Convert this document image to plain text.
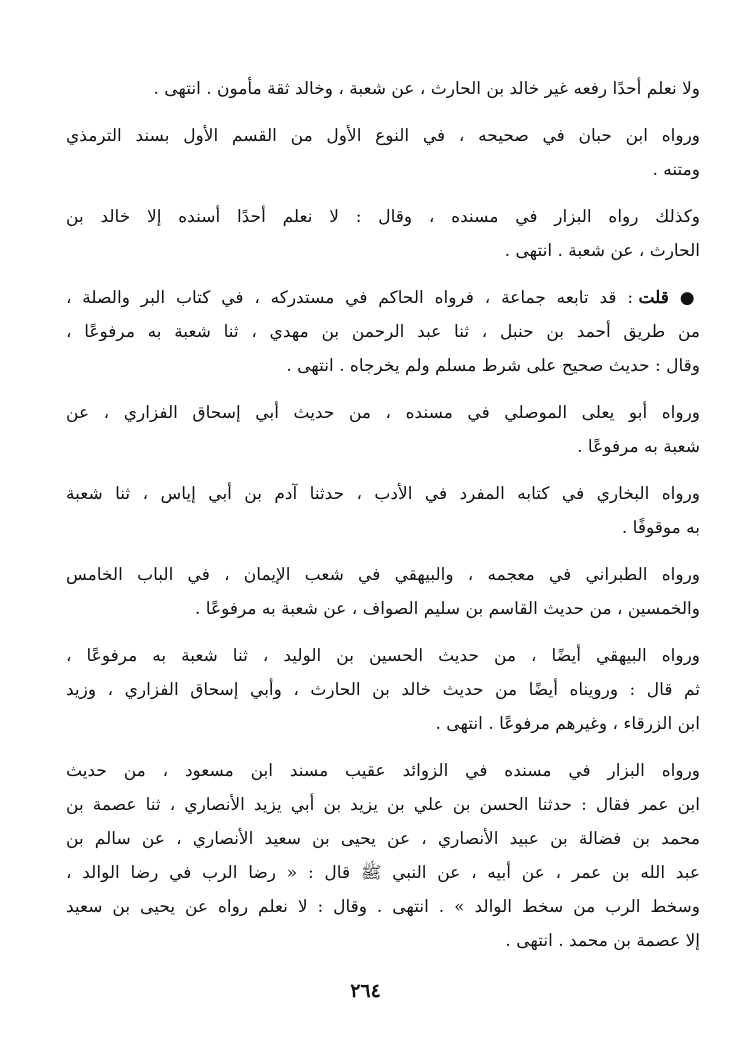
ولا نعلم أحدًا رفعه غير خالد بن الحارث ، عن شعبة ، وخالد ثقة مأمون . انتهى .
ورواه ابن حبان في صحيحه ، في النوع الأول من القسم الأول بسند الترمذي
ومتنه .
وكذلك رواه البزار في مسنده ، وقال : لا نعلم أحدًا أسنده إلا خالد بن
الحارث ، عن شعبة . انتهى .
● قلت : قد تابعه جماعة ، فرواه الحاكم في مستدركه ، في كتاب البر والصلة ،
من طريق أحمد بن حنبل ، ثنا عبد الرحمن بن مهدي ، ثنا شعبة به مرفوعًا ،
وقال : حديث صحيح على شرط مسلم ولم يخرجاه . انتهى .
ورواه أبو يعلى الموصلي في مسنده ، من حديث أبي إسحاق الفزاري ، عن
شعبة به مرفوعًا .
ورواه البخاري في كتابه المفرد في الأدب ، حدثنا آدم بن أبي إياس ، ثنا شعبة
به موقوفًا .
ورواه الطبراني في معجمه ، والبيهقي في شعب الإيمان ، في الباب الخامس
والخمسين ، من حديث القاسم بن سليم الصواف ، عن شعبة به مرفوعًا .
ورواه البيهقي أيضًا ، من حديث الحسين بن الوليد ، ثنا شعبة به مرفوعًا ،
ثم قال : ورويناه أيضًا من حديث خالد بن الحارث ، وأبي إسحاق الفزاري ، وزيد
ابن الزرقاء ، وغيرهم مرفوعًا . انتهى .
ورواه البزار في مسنده في الزوائد عقيب مسند ابن مسعود ، من حديث
ابن عمر فقال : حدثنا الحسن بن علي بن يزيد بن أبي يزيد الأنصاري ، ثنا عصمة بن
محمد بن فضالة بن عبيد الأنصاري ، عن يحيى بن سعيد الأنصاري ، عن سالم بن
عبد الله بن عمر ، عن أبيه ، عن النبي ﷺ قال : « رضا الرب في رضا الوالد ،
وسخط الرب من سخط الوالد » . انتهى . وقال : لا نعلم رواه عن يحيى بن سعيد
إلا عصمة بن محمد . انتهى .
٢٦٤
